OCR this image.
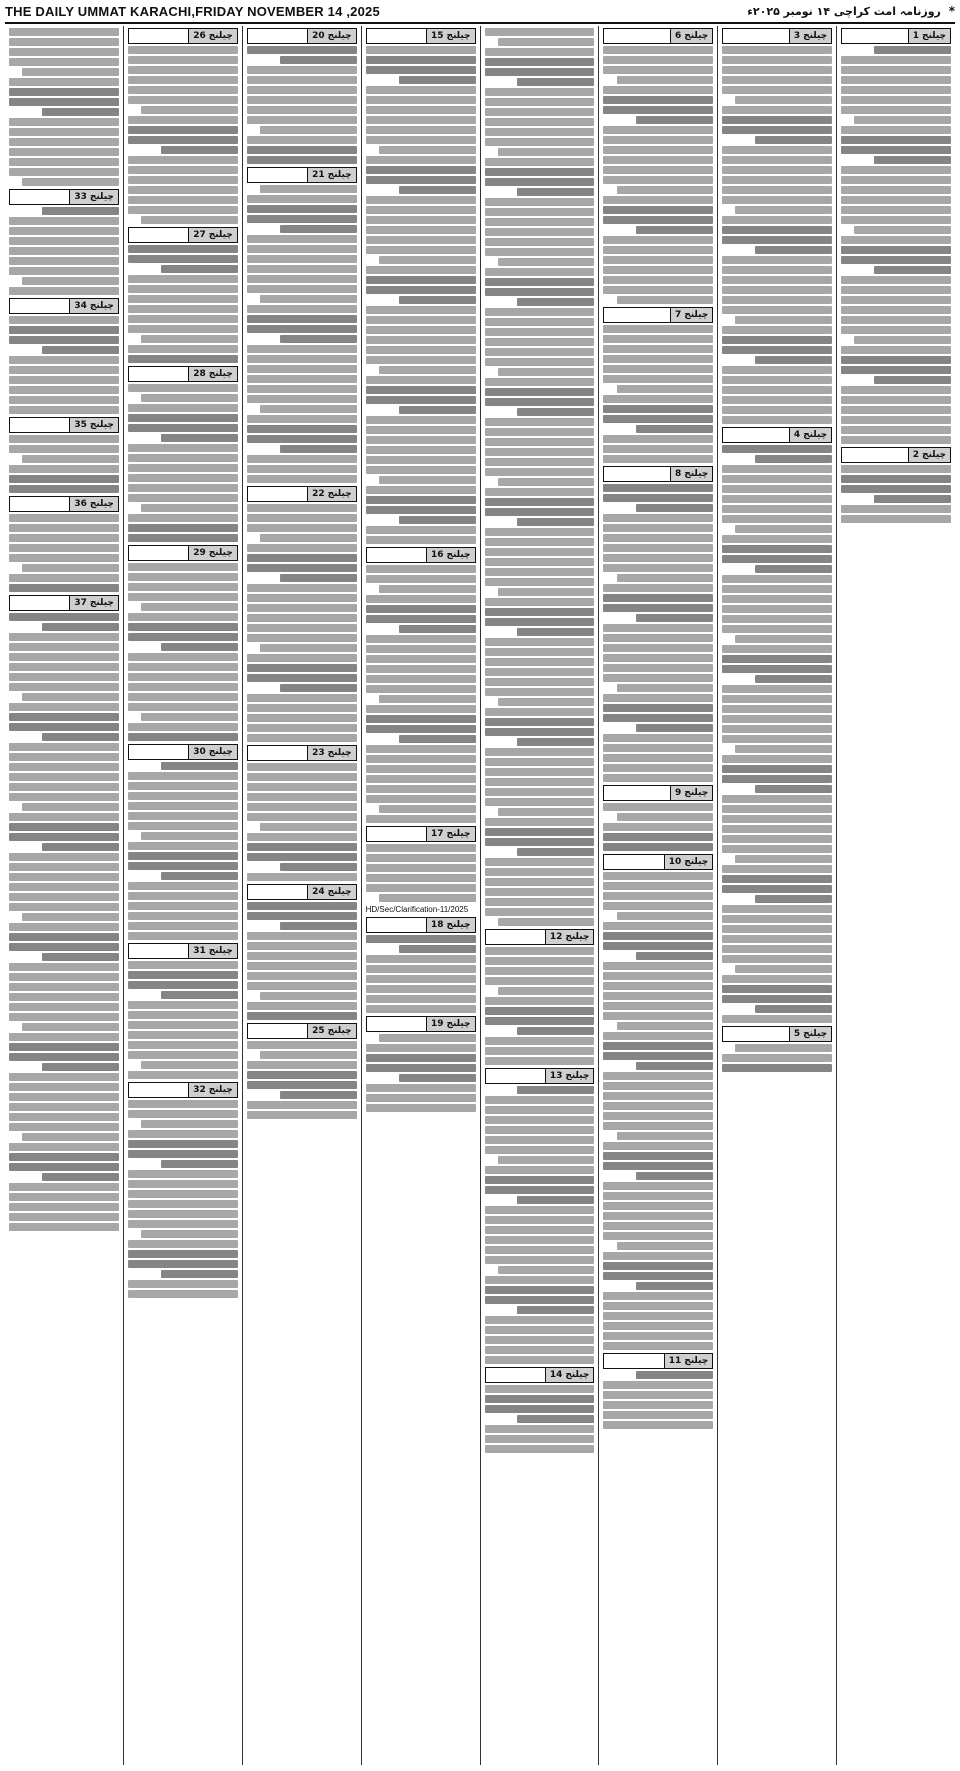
THE DAILY UMMAT KARACHI,FRIDAY NOVEMBER 14 ,2025	* روزنامہ امت کراچی ۱۴ نومبر ۲۰۲۵ء
چیلنج
1
چیلنج
2
چیلنج
3
چیلنج
4
چیلنج
5
چیلنج
6
چیلنج
7
چیلنج
8
چیلنج
9
چیلنج
10
چیلنج
11
چیلنج
12
چیلنج
13
چیلنج
14
چیلنج
15
چیلنج
16
چیلنج
17
HD/Sec/Clarification-11/2025
چیلنج
18
چیلنج
19
چیلنج
20
چیلنج
21
چیلنج
22
چیلنج
23
چیلنج
24
چیلنج
25
چیلنج
26
چیلنج
27
چیلنج
28
چیلنج
29
چیلنج
30
چیلنج
31
چیلنج
32
چیلنج
33
چیلنج
34
چیلنج
35
چیلنج
36
چیلنج
37
